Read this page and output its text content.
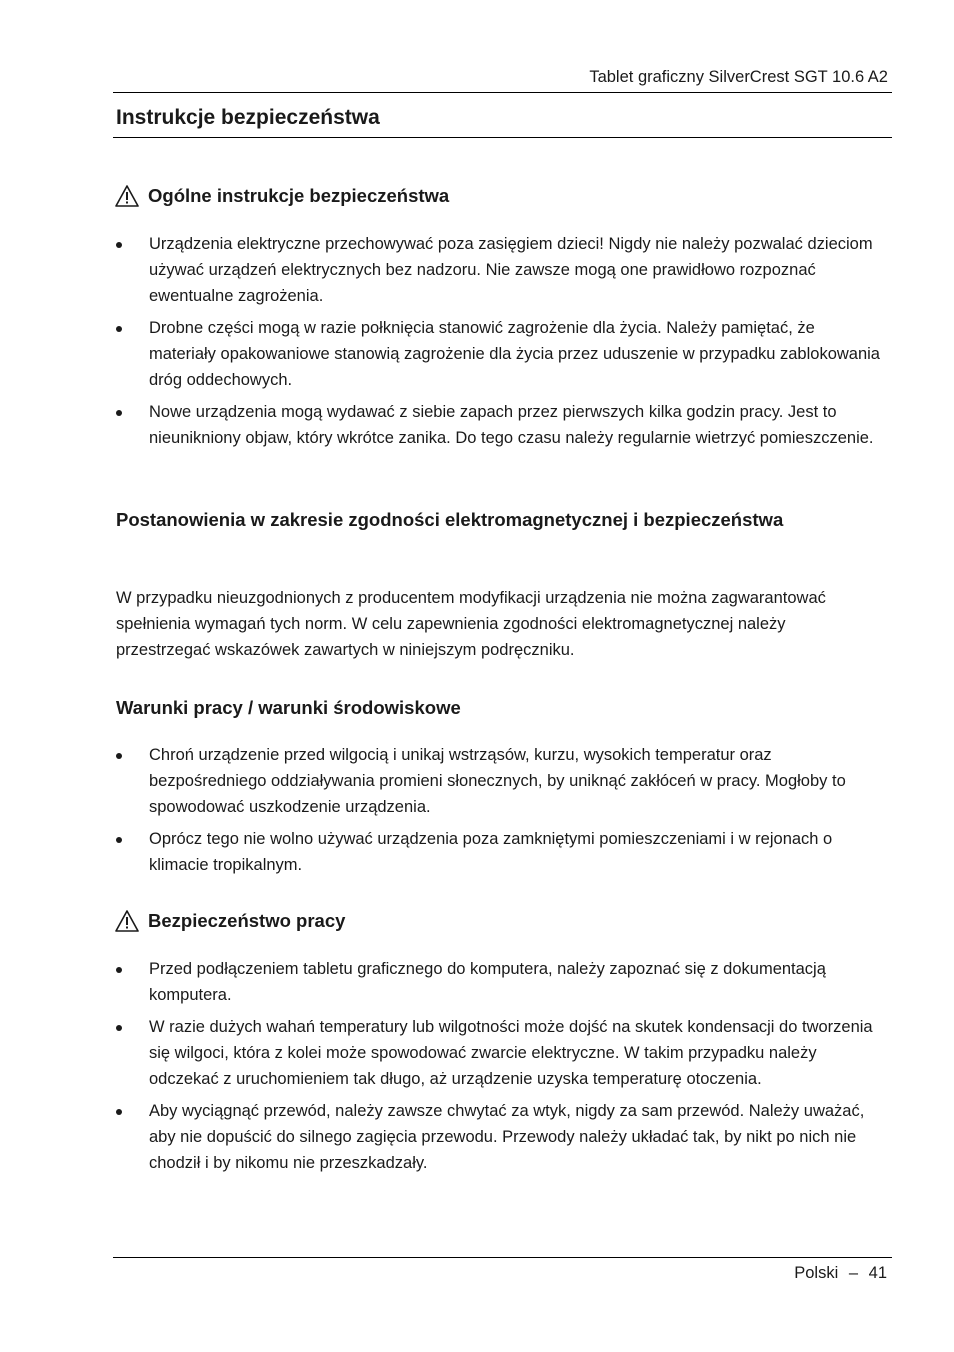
Tablet graficzny SilverCrest SGT 10.6 A2
Instrukcje bezpieczeństwa
Ogólne instrukcje bezpieczeństwa
Urządzenia elektryczne przechowywać poza zasięgiem dzieci! Nigdy nie należy pozwalać dzieciom używać urządzeń elektrycznych bez nadzoru. Nie zawsze mogą one prawidłowo rozpoznać ewentualne zagrożenia.
Drobne części mogą w razie połknięcia stanowić zagrożenie dla życia. Należy pamiętać, że materiały opakowaniowe stanowią zagrożenie dla życia przez uduszenie w przypadku zablokowania dróg oddechowych.
Nowe urządzenia mogą wydawać z siebie zapach przez pierwszych kilka godzin pracy. Jest to nieunikniony objaw, który wkrótce zanika. Do tego czasu należy regularnie wietrzyć pomieszczenie.
Postanowienia w zakresie zgodności elektromagnetycznej i bezpieczeństwa

W przypadku nieuzgodnionych z producentem modyfikacji urządzenia nie można zagwarantować spełnienia wymagań tych norm. W celu zapewnienia zgodności elektromagnetycznej należy przestrzegać wskazówek zawartych w niniejszym podręczniku.

Warunki pracy / warunki środowiskowe
Chroń urządzenie przed wilgocią i unikaj wstrząsów, kurzu, wysokich temperatur oraz bezpośredniego oddziaływania promieni słonecznych, by uniknąć zakłóceń w pracy. Mogłoby to spowodować uszkodzenie urządzenia.
Oprócz tego nie wolno używać urządzenia poza zamkniętymi pomieszczeniami i w rejonach o klimacie tropikalnym.
Bezpieczeństwo pracy
Przed podłączeniem tabletu graficznego do komputera, należy zapoznać się z dokumentacją komputera.
W razie dużych wahań temperatury lub wilgotności może dojść na skutek kondensacji do tworzenia się wilgoci, która z kolei może spowodować zwarcie elektryczne. W takim przypadku należy odczekać z uruchomieniem tak długo, aż urządzenie uzyska temperaturę otoczenia.
Aby wyciągnąć przewód, należy zawsze chwytać za wtyk, nigdy za sam przewód. Należy uważać, aby nie dopuścić do silnego zagięcia przewodu. Przewody należy układać tak, by nikt po nich nie chodził i by nikomu nie przeszkadzały.
Polski – 41
